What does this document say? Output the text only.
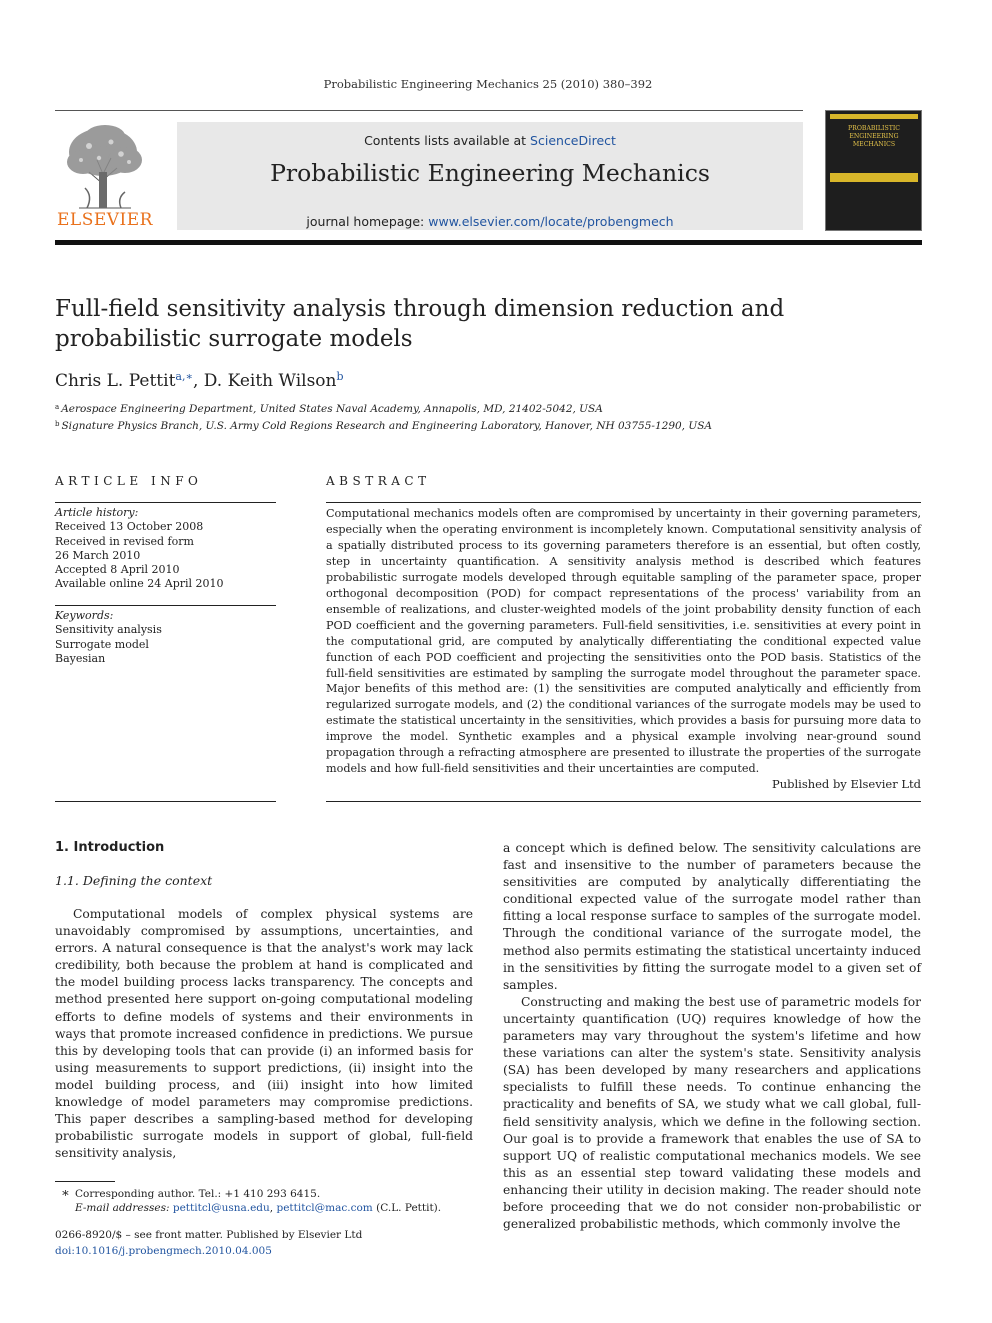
Probabilistic Engineering Mechanics 25 (2010) 380–392
ELSEVIER
Contents lists available at ScienceDirect
Probabilistic Engineering Mechanics
journal homepage: www.elsevier.com/locate/probengmech
PROBABILISTIC ENGINEERING MECHANICS
Full-field sensitivity analysis through dimension reduction and probabilistic surrogate models
Chris L. Pettit$^{a,∗}$, D. Keith Wilson$^b$
$^a$ Aerospace Engineering Department, United States Naval Academy, Annapolis, MD, 21402-5042, USA
$^b$ Signature Physics Branch, U.S. Army Cold Regions Research and Engineering Laboratory, Hanover, NH 03755-1290, USA
ARTICLE INFO	ABSTRACT
Article history:
Received 13 October 2008
Received in revised form
26 March 2010
Accepted 8 April 2010
Available online 24 April 2010
Keywords:
Sensitivity analysis
Surrogate model
Bayesian
Computational mechanics models often are compromised by uncertainty in their governing parameters, especially when the operating environment is incompletely known. Computational sensitivity analysis of a spatially distributed process to its governing parameters therefore is an essential, but often costly, step in uncertainty quantification. A sensitivity analysis method is described which features probabilistic surrogate models developed through equitable sampling of the parameter space, proper orthogonal decomposition (POD) for compact representations of the process' variability from an ensemble of realizations, and cluster-weighted models of the joint probability density function of each POD coefficient and the governing parameters. Full-field sensitivities, i.e. sensitivities at every point in the computational grid, are computed by analytically differentiating the conditional expected value function of each POD coefficient and projecting the sensitivities onto the POD basis. Statistics of the full-field sensitivities are estimated by sampling the surrogate model throughout the parameter space. Major benefits of this method are: (1) the sensitivities are computed analytically and efficiently from regularized surrogate models, and (2) the conditional variances of the surrogate models may be used to estimate the statistical uncertainty in the sensitivities, which provides a basis for pursuing more data to improve the model. Synthetic examples and a physical example involving near-ground sound propagation through a refracting atmosphere are presented to illustrate the properties of the surrogate models and how full-field sensitivities and their uncertainties are computed.
Published by Elsevier Ltd
1. Introduction
1.1. Defining the context

Computational models of complex physical systems are unavoidably compromised by assumptions, uncertainties, and errors. A natural consequence is that the analyst's work may lack credibility, both because the problem at hand is complicated and the model building process lacks transparency. The concepts and method presented here support on-going computational modeling efforts to define models of systems and their environments in ways that promote increased confidence in predictions. We pursue this by developing tools that can provide (i) an informed basis for using measurements to support predictions, (ii) insight into the model building process, and (iii) insight into how limited knowledge of model parameters may compromise predictions. This paper describes a sampling-based method for developing probabilistic surrogate models in support of global, full-field sensitivity analysis,

a concept which is defined below. The sensitivity calculations are fast and insensitive to the number of parameters because the sensitivities are computed by analytically differentiating the conditional expected value of the surrogate model rather than fitting a local response surface to samples of the surrogate model. Through the conditional variance of the surrogate model, the method also permits estimating the statistical uncertainty induced in the sensitivities by fitting the surrogate model to a given set of samples.

Constructing and making the best use of parametric models for uncertainty quantification (UQ) requires knowledge of how the parameters may vary throughout the system's lifetime and how these variations can alter the system's state. Sensitivity analysis (SA) has been developed by many researchers and applications specialists to fulfill these needs. To continue enhancing the practicality and benefits of SA, we study what we call global, full-field sensitivity analysis, which we define in the following section. Our goal is to provide a framework that enables the use of SA to support UQ of realistic computational mechanics models. We see this as an essential step toward validating these models and enhancing their utility in decision making. The reader should note before proceeding that we do not consider non-probabilistic or generalized probabilistic methods, which commonly involve the

∗ Corresponding author. Tel.: +1 410 293 6415.
E-mail addresses: pettitcl@usna.edu, pettitcl@mac.com (C.L. Pettit).
0266-8920/$ – see front matter. Published by Elsevier Ltd
doi:10.1016/j.probengmech.2010.04.005
